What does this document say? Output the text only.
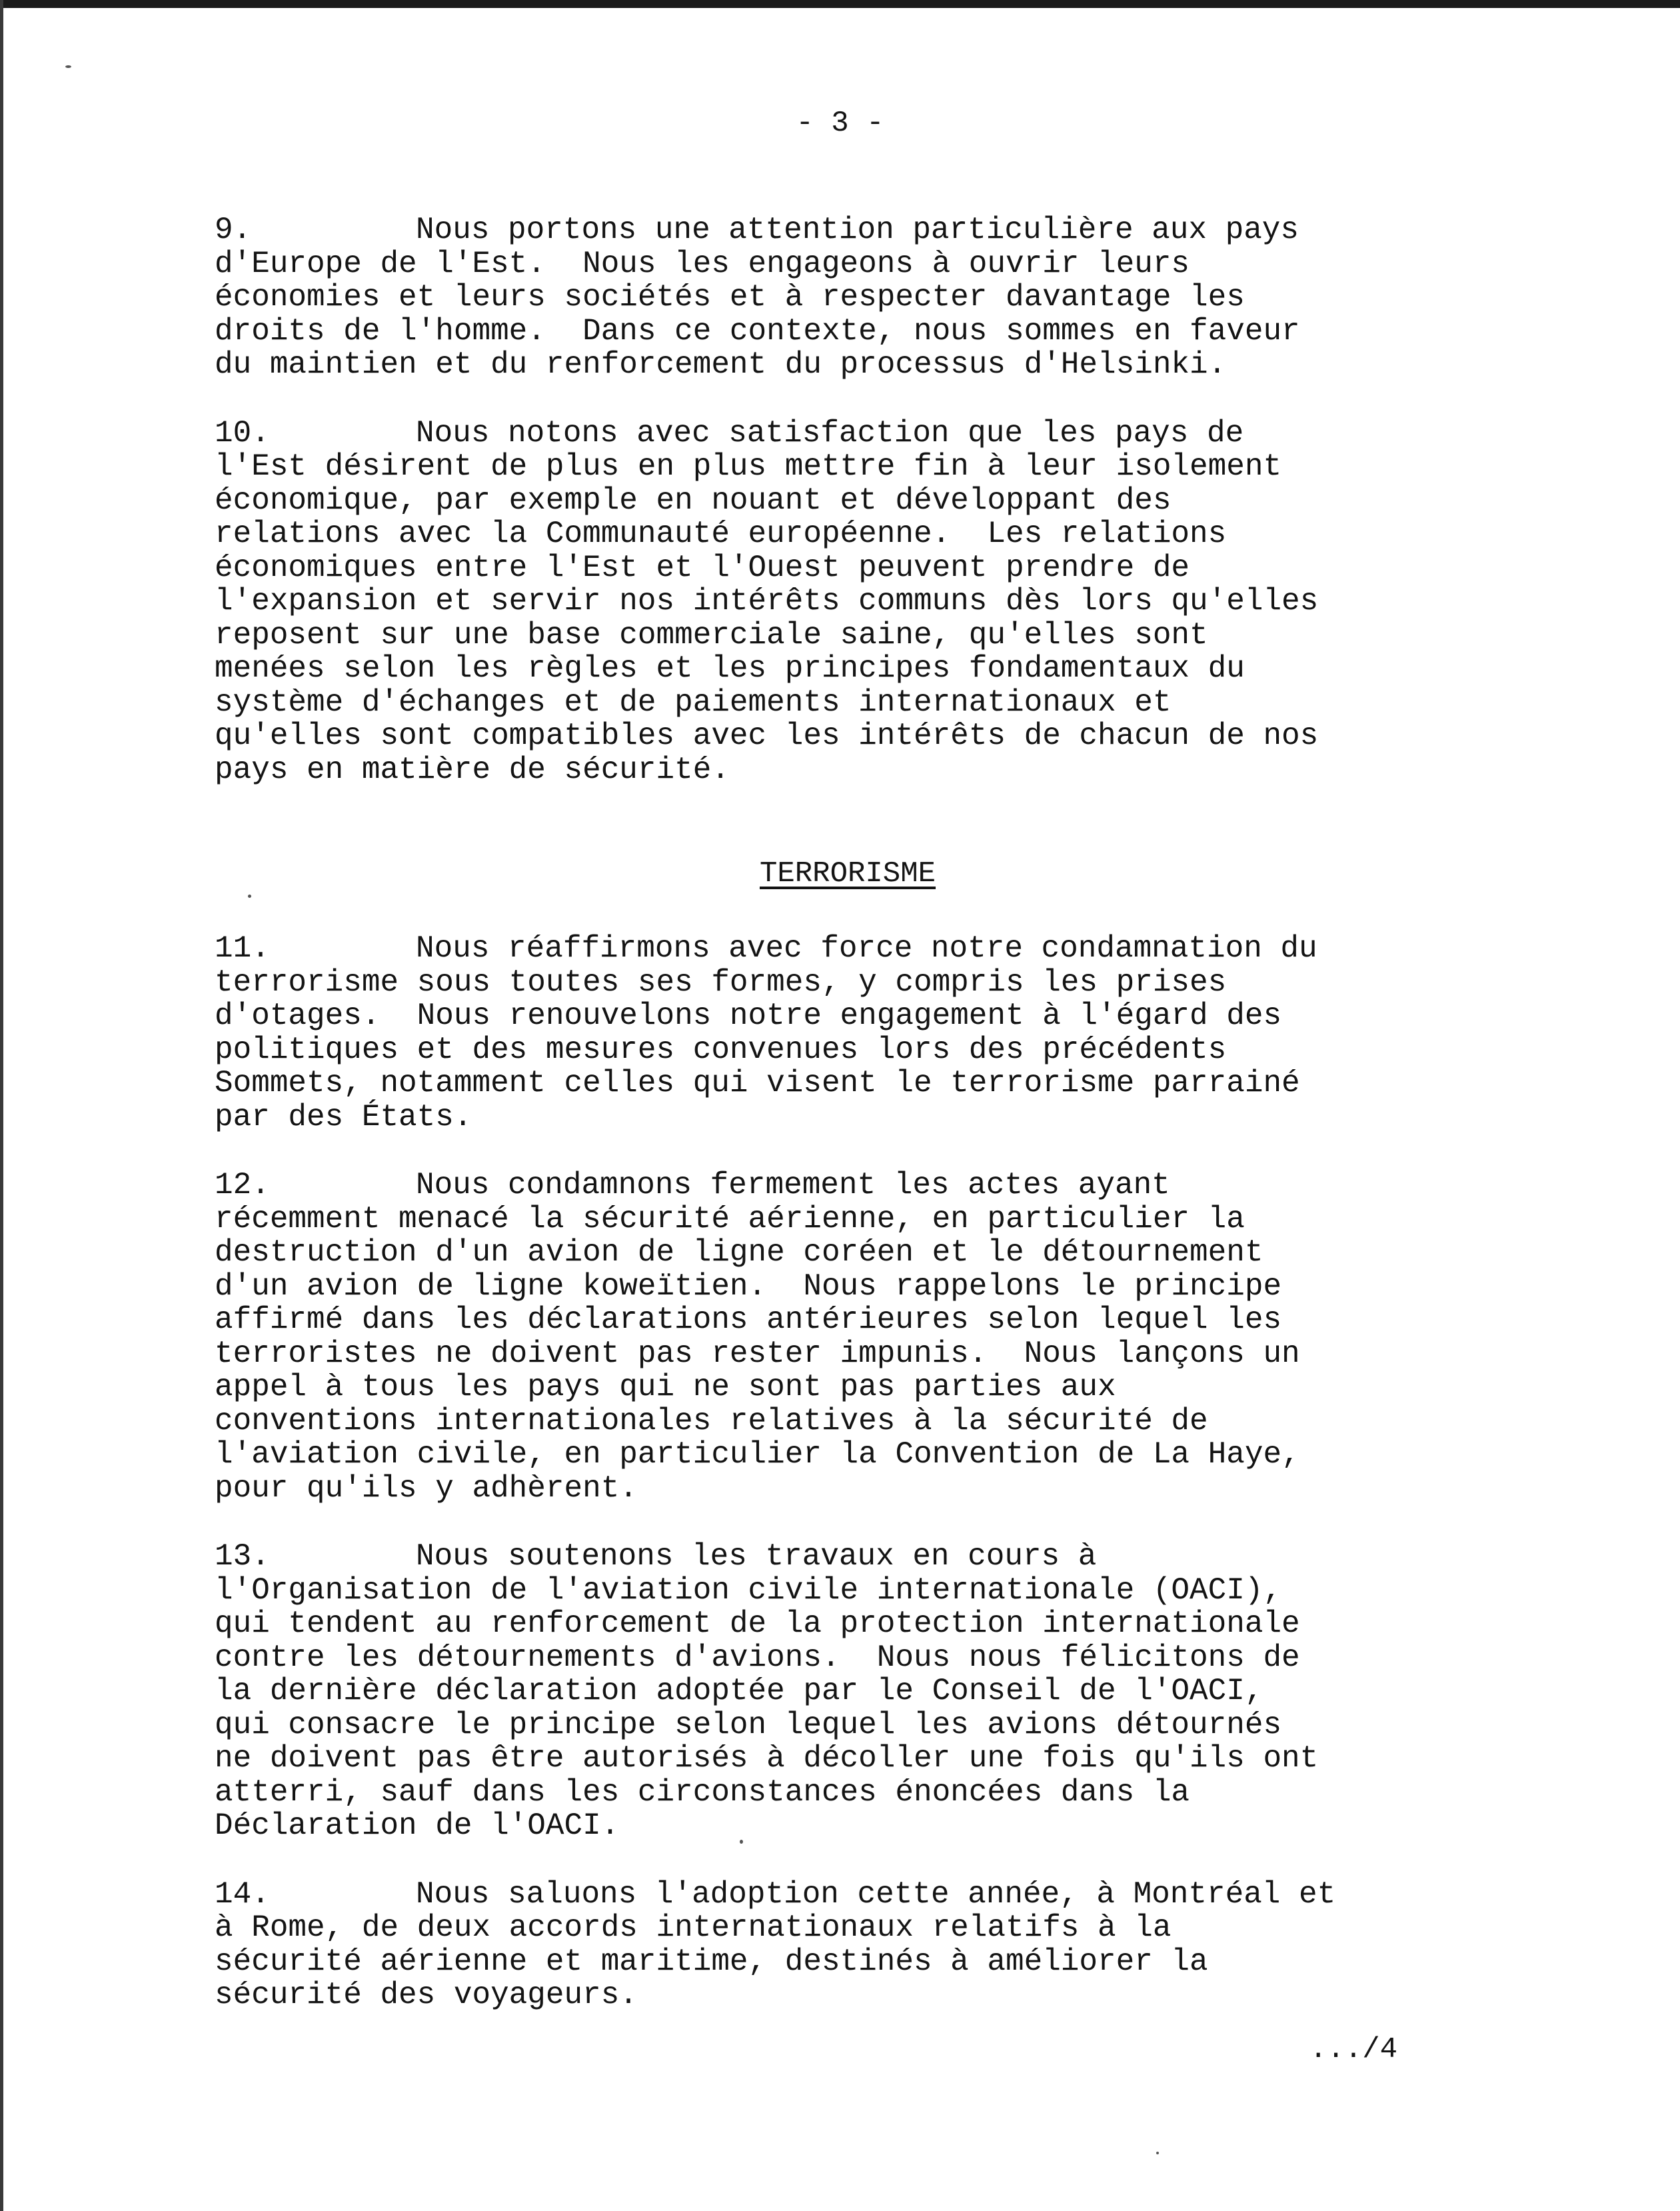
- 3 -
9.	Nous portons une attention particulière aux pays
d'Europe de l'Est.  Nous les engageons à ouvrir leurs
économies et leurs sociétés et à respecter davantage les
droits de l'homme.  Dans ce contexte, nous sommes en faveur
du maintien et du renforcement du processus d'Helsinki.
10.	Nous notons avec satisfaction que les pays de
l'Est désirent de plus en plus mettre fin à leur isolement
économique, par exemple en nouant et développant des
relations avec la Communauté européenne.  Les relations
économiques entre l'Est et l'Ouest peuvent prendre de
l'expansion et servir nos intérêts communs dès lors qu'elles
reposent sur une base commerciale saine, qu'elles sont
menées selon les règles et les principes fondamentaux du
système d'échanges et de paiements internationaux et
qu'elles sont compatibles avec les intérêts de chacun de nos
pays en matière de sécurité.
TERRORISME
11.	Nous réaffirmons avec force notre condamnation du
terrorisme sous toutes ses formes, y compris les prises
d'otages.  Nous renouvelons notre engagement à l'égard des
politiques et des mesures convenues lors des précédents
Sommets, notamment celles qui visent le terrorisme parrainé
par des États.
12.	Nous condamnons fermement les actes ayant
récemment menacé la sécurité aérienne, en particulier la
destruction d'un avion de ligne coréen et le détournement
d'un avion de ligne koweïtien.  Nous rappelons le principe
affirmé dans les déclarations antérieures selon lequel les
terroristes ne doivent pas rester impunis.  Nous lançons un
appel à tous les pays qui ne sont pas parties aux
conventions internationales relatives à la sécurité de
l'aviation civile, en particulier la Convention de La Haye,
pour qu'ils y adhèrent.
13.	Nous soutenons les travaux en cours à
l'Organisation de l'aviation civile internationale (OACI),
qui tendent au renforcement de la protection internationale
contre les détournements d'avions.  Nous nous félicitons de
la dernière déclaration adoptée par le Conseil de l'OACI,
qui consacre le principe selon lequel les avions détournés
ne doivent pas être autorisés à décoller une fois qu'ils ont
atterri, sauf dans les circonstances énoncées dans la
Déclaration de l'OACI.
14.	Nous saluons l'adoption cette année, à Montréal et
à Rome, de deux accords internationaux relatifs à la
sécurité aérienne et maritime, destinés à améliorer la
sécurité des voyageurs.
.../4
